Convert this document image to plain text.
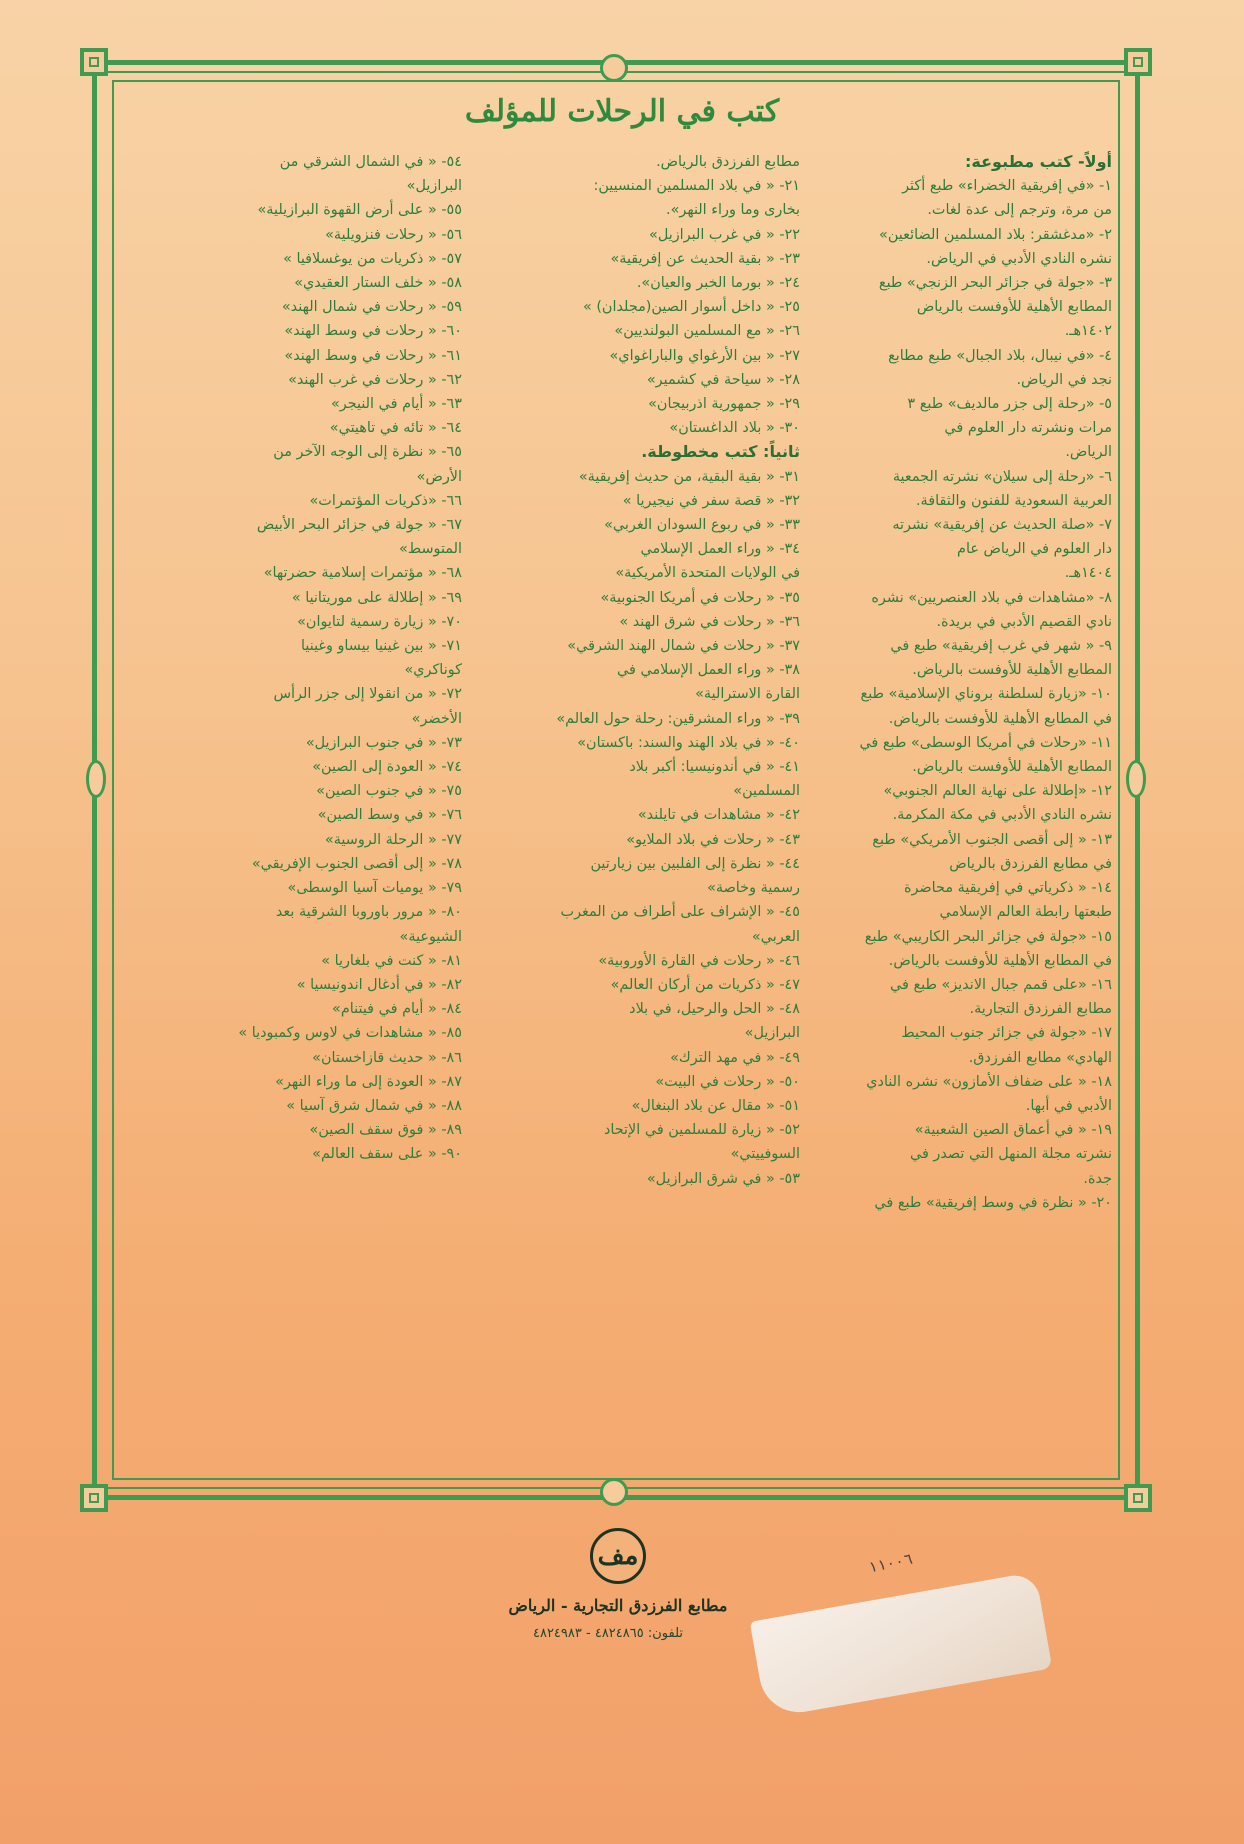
كتب في الرحلات للمؤلف
أولاً- كتب مطبوعة:
١- «في إفريقية الخضراء» طبع أكثر
من مرة، وترجم إلى عدة لغات.
٢- «مدغشقر: بلاد المسلمين الضائعين»
نشره النادي الأدبي في الرياض.
٣- «جولة في جزائر البحر الزنجي» طبع
المطابع الأهلية للأوفست بالرياض
١٤٠٢هـ.
٤- «في نيبال، بلاد الجبال» طبع مطابع
نجد في الرياض.
٥- «رحلة إلى جزر مالديف» طبع ٣
مرات ونشرته دار العلوم في
الرياض.
٦- «رحلة إلى سيلان» نشرته الجمعية
العربية السعودية للفنون والثقافة.
٧- «صلة الحديث عن إفريقية» نشرته
دار العلوم في الرياض عام
١٤٠٤هـ.
٨- «مشاهدات في بلاد العنصريين» نشره
نادي القصيم الأدبي في بريدة.
٩- « شهر في غرب إفريقية» طبع في
المطابع الأهلية للأوفست بالرياض.
١٠- «زيارة لسلطنة بروناي الإسلامية» طبع
في المطابع الأهلية للأوفست بالرياض.
١١- «رحلات في أمريكا الوسطى» طبع في
المطابع الأهلية للأوفست بالرياض.
١٢- «إطلالة على نهاية العالم الجنوبي»
نشره النادي الأدبي في مكة المكرمة.
١٣- « إلى أقصى الجنوب الأمريكي» طبع
في مطابع الفرزدق بالرياض
١٤- « ذكرياتي في إفريقية محاضرة
طبعتها رابطة العالم الإسلامي
١٥- «جولة في جزائر البحر الكاريبي» طبع
في المطابع الأهلية للأوفست بالرياض.
١٦- «على قمم جبال الانديز» طبع في
مطابع الفرزدق التجارية.
١٧- «جولة في جزائر جنوب المحيط
الهادي» مطابع الفرزدق.
١٨- « على ضفاف الأمازون» نشره النادي
الأدبي في أبها.
١٩- « في أعماق الصين الشعبية»
نشرته مجلة المنهل التي تصدر في
جدة.
٢٠- « نظرة في وسط إفريقية» طبع في
مطابع الفرزدق بالرياض.
٢١- « في بلاد المسلمين المنسيين:
بخارى وما وراء النهر».
٢٢- « في غرب البرازيل»
٢٣- « بقية الحديث عن إفريقية»
٢٤- « بورما الخبر والعيان».
٢٥- « داخل أسوار الصين(مجلدان) »
٢٦- « مع المسلمين البولنديين»
٢٧- « بين الأرغواي والباراغواي»
٢٨- « سياحة في كشمير»
٢٩- « جمهورية اذربيجان»
٣٠- « بلاد الداغستان»
ثانياً: كتب مخطوطة.
٣١- « بقية البقية، من حديث إفريقية»
٣٢- « قصة سفر في نيجيريا »
٣٣- « في ربوع السودان الغربي»
٣٤- « وراء العمل الإسلامي
في الولايات المتحدة الأمريكية»
٣٥- « رحلات في أمريكا الجنوبية»
٣٦- « رحلات في شرق الهند »
٣٧- « رحلات في شمال الهند الشرقي»
٣٨- « وراء العمل الإسلامي في
القارة الاسترالية»
٣٩- « وراء المشرقين: رحلة حول العالم»
٤٠- « في بلاد الهند والسند: باكستان»
٤١- « في أندونيسيا: أكبر بلاد
المسلمين»
٤٢- « مشاهدات في تايلند»
٤٣- « رحلات في بلاد الملايو»
٤٤- « نظرة إلى الفلبين بين زيارتين
رسمية وخاصة»
٤٥- « الإشراف على أطراف من المغرب
العربي»
٤٦- « رحلات في القارة الأوروبية»
٤٧- « ذكريات من أركان العالم»
٤٨- « الحل والرحيل، في بلاد
البرازيل»
٤٩- « في مهد الترك»
٥٠- « رحلات في البيت»
٥١- « مقال عن بلاد البنغال»
٥٢- « زيارة للمسلمين في الإتحاد
السوفييتي»
٥٣- « في شرق البرازيل»
٥٤- « في الشمال الشرقي من
البرازيل»
٥٥- « على أرض القهوة البرازيلية»
٥٦- « رحلات فنزويلية»
٥٧- « ذكريات من يوغسلافيا »
٥٨- « خلف الستار العقيدي»
٥٩- « رحلات في شمال الهند»
٦٠- « رحلات في وسط الهند»
٦١- « رحلات في وسط الهند»
٦٢- « رحلات في غرب الهند»
٦٣- « أيام في النيجر»
٦٤- « تائه في تاهيتي»
٦٥- « نظرة إلى الوجه الآخر من
الأرض»
٦٦- «ذكريات المؤتمرات»
٦٧- « جولة في جزائر البحر الأبيض
المتوسط»
٦٨- « مؤتمرات إسلامية حضرتها»
٦٩- « إطلالة على موريتانيا »
٧٠- « زيارة رسمية لتايوان»
٧١- « بين غينيا بيساو وغينيا
كوناكري»
٧٢- « من انقولا إلى جزر الرأس
الأخضر»
٧٣- « في جنوب البرازيل»
٧٤- « العودة إلى الصين»
٧٥- « في جنوب الصين»
٧٦- « في وسط الصين»
٧٧- « الرحلة الروسية»
٧٨- « إلى أقصى الجنوب الإفريقي»
٧٩- « يوميات آسيا الوسطى»
٨٠- « مرور باوروبا الشرقية بعد
الشيوعية»
٨١- « كنت في بلغاريا »
٨٢- « في أدغال اندونيسيا »
٨٤- « أيام في فيتنام»
٨٥- « مشاهدات في لاوس وكمبوديا »
٨٦- « حديث قازاخستان»
٨٧- « العودة إلى ما وراء النهر»
٨٨- « في شمال شرق آسيا »
٨٩- « فوق سقف الصين»
٩٠- « على سقف العالم»
مف
مطابع الفرزدق التجارية - الرياض
تلفون: ٤٨٢٤٨٦٥ - ٤٨٢٤٩٨٣
١١٠٠٦
